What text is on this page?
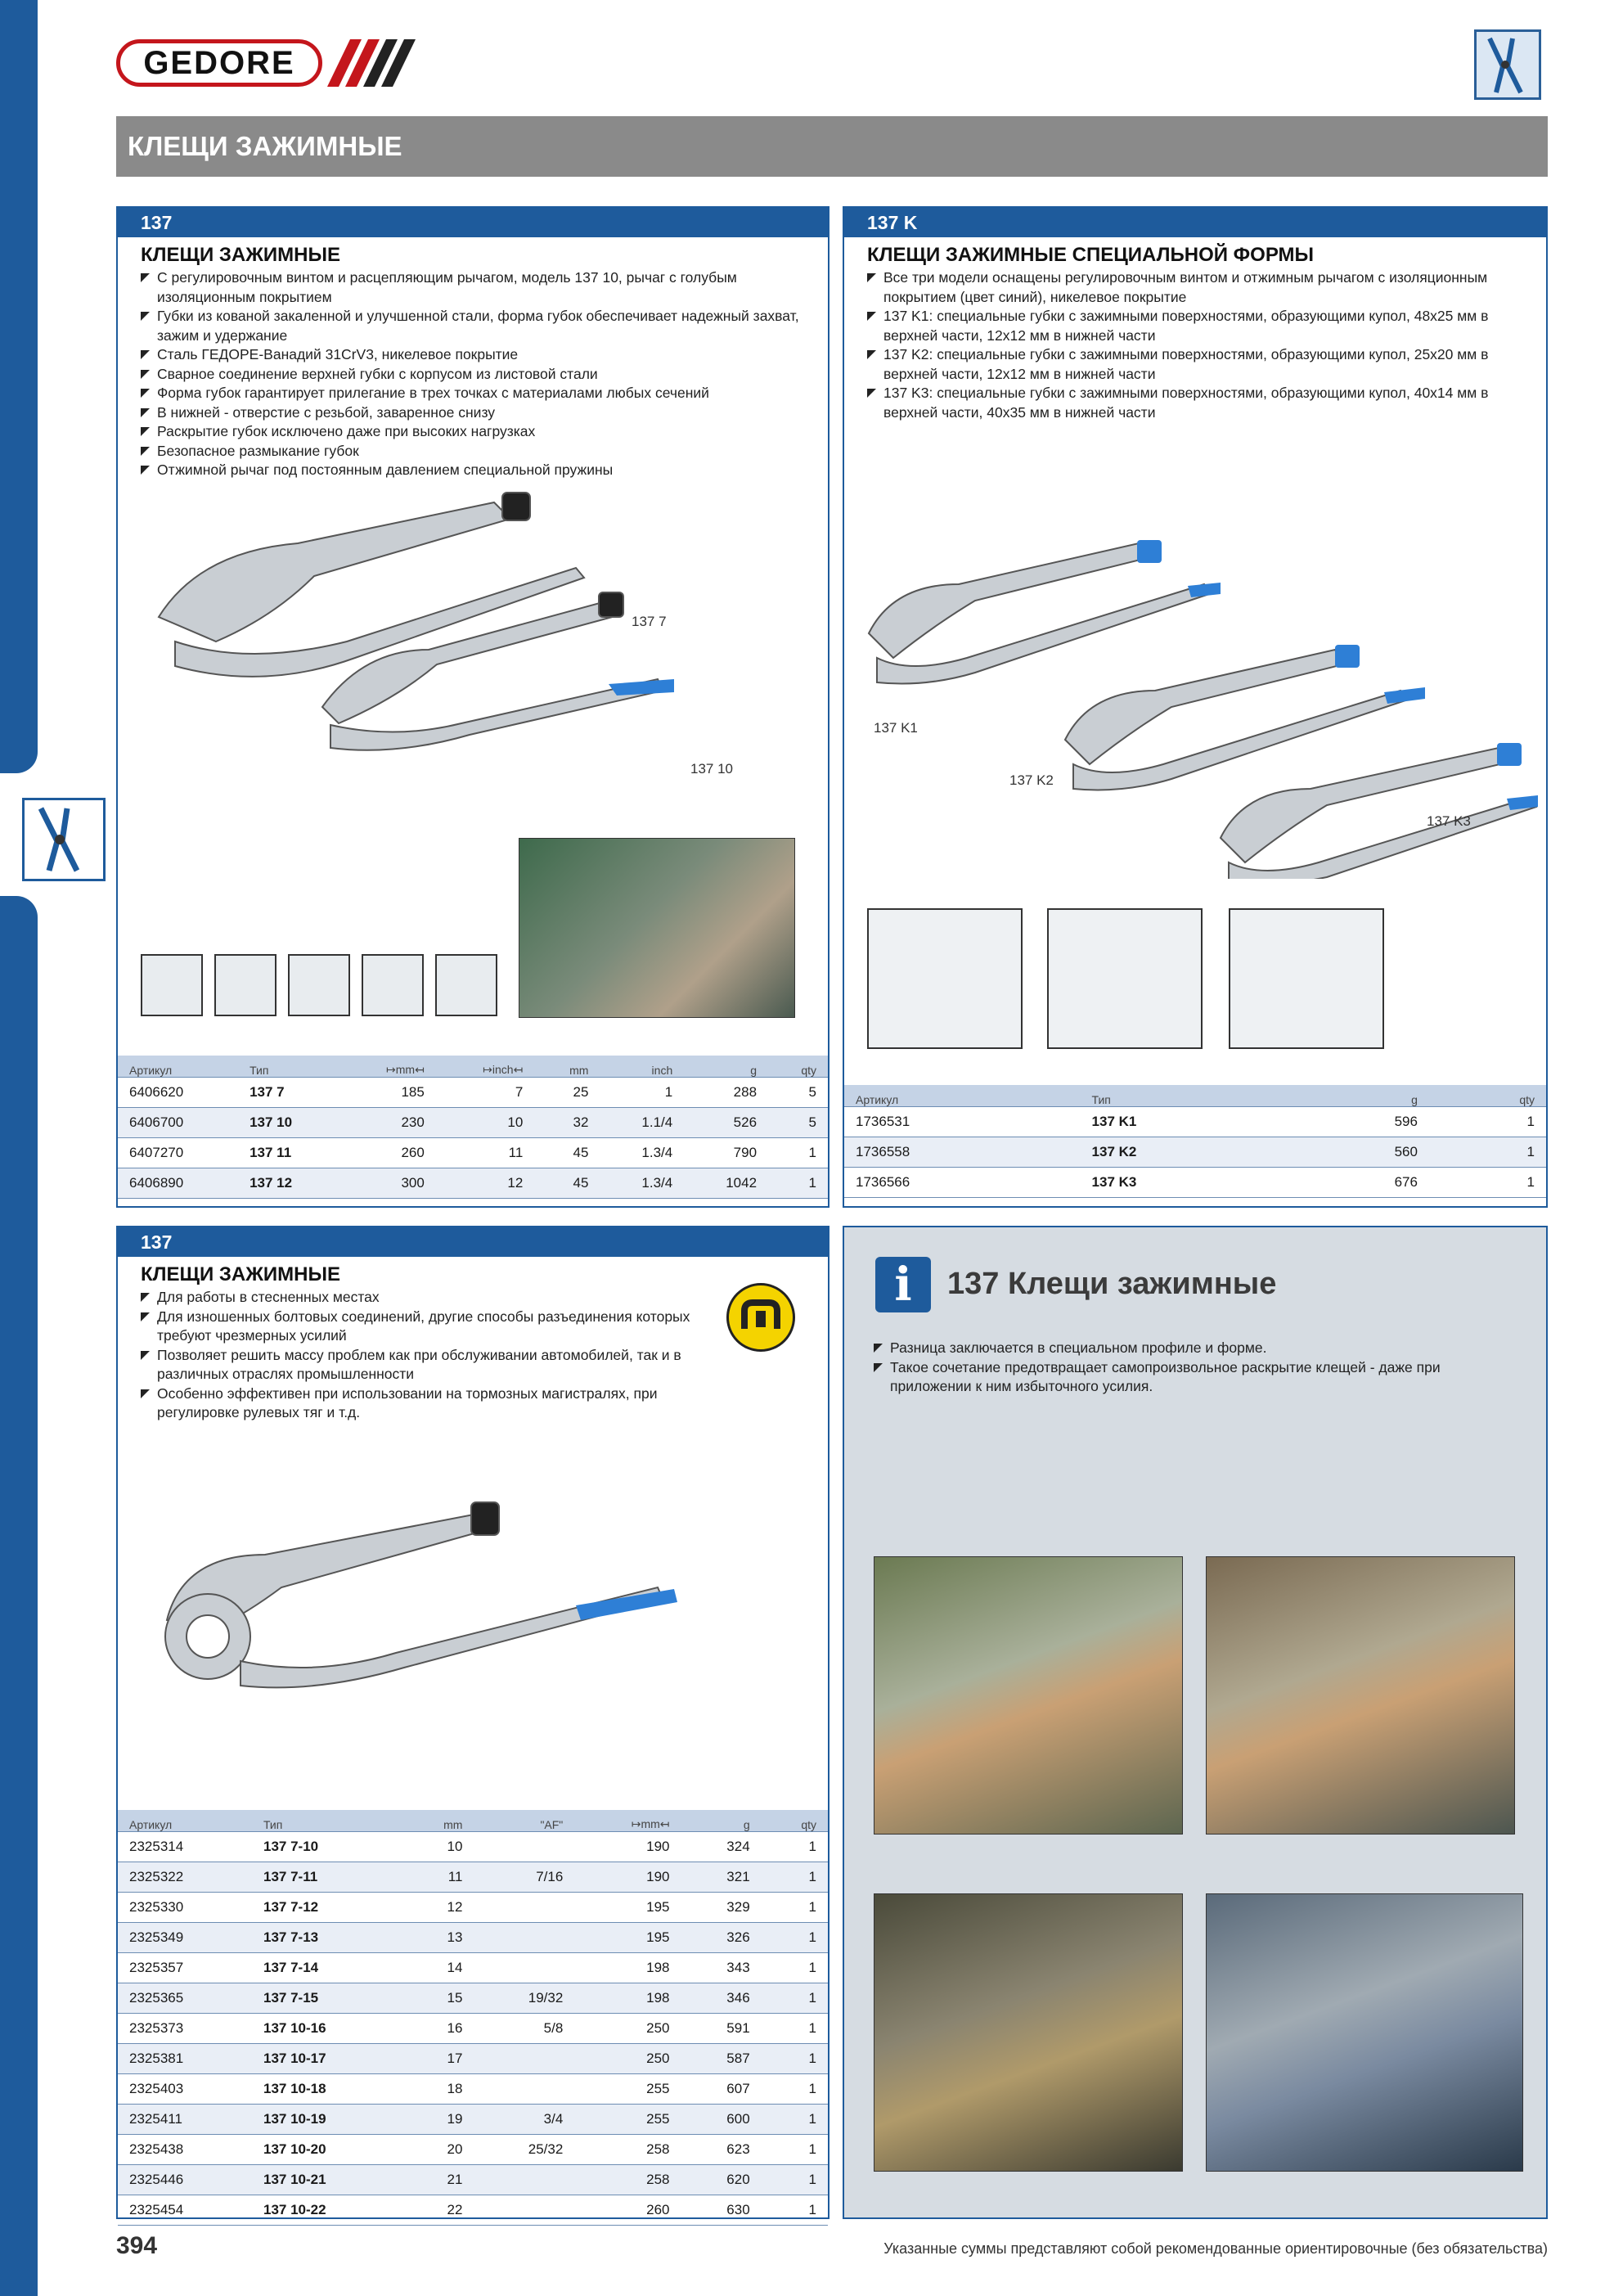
GEDORE
КЛЕЩИ ЗАЖИМНЫЕ
137
КЛЕЩИ ЗАЖИМНЫЕ
С регулировочным винтом и расцепляющим рычагом, модель 137 10, рычаг с голубым изоляционным покрытием
Губки из кованой закаленной и улучшенной стали, форма губок обеспечивает надежный захват, зажим и удержание
Сталь ГЕДОРЕ-Ванадий 31CrV3, никелевое покрытие
Сварное соединение верхней губки с корпусом из листовой стали
Форма губок гарантирует прилегание в трех точках с материалами любых сечений
В нижней - отверстие с резьбой, заваренное снизу
Раскрытие губок исключено даже при высоких нагрузках
Безопасное размыкание губок
Отжимной рычаг под постоянным давлением специальной пружины
137 7
137 10
Артикул	Тип	↦mm↤	↦inch↤	mm	inch	g	qty
6406620	137 7	185	7	25	1	288	5
6406700	137 10	230	10	32	1.1/4	526	5
6407270	137 11	260	11	45	1.3/4	790	1
6406890	137 12	300	12	45	1.3/4	1042	1
137 K
КЛЕЩИ ЗАЖИМНЫЕ СПЕЦИАЛЬНОЙ ФОРМЫ
Все три модели оснащены регулировочным винтом и отжимным рычагом с изоляционным покрытием (цвет синий), никелевое покрытие
137 K1: специальные губки с зажимными поверхностями, образующими купол, 48x25 мм в верхней части, 12x12 мм в нижней части
137 K2: специальные губки с зажимными поверхностями, образующими купол, 25x20 мм в верхней части, 12x12 мм в нижней части
137 K3: специальные губки с зажимными поверхностями, образующими купол, 40x14 мм в верхней части, 40x35 мм в нижней части
137 K1
137 K2
137 K3
Артикул	Тип	g	qty
1736531	137 K1	596	1
1736558	137 K2	560	1
1736566	137 K3	676	1
137
КЛЕЩИ ЗАЖИМНЫЕ
Для работы в стесненных местах
Для изношенных болтовых соединений, другие способы разъединения которых требуют чрезмерных усилий
Позволяет решить массу проблем как при обслуживании автомобилей, так и в различных отраслях промышленности
Особенно эффективен при использовании на тормозных магистралях, при регулировке рулевых тяг и т.д.
Артикул	Тип	mm	"AF"	↦mm↤	g	qty
2325314	137 7-10	10		190	324	1
2325322	137 7-11	11	7/16	190	321	1
2325330	137 7-12	12		195	329	1
2325349	137 7-13	13		195	326	1
2325357	137 7-14	14		198	343	1
2325365	137 7-15	15	19/32	198	346	1
2325373	137 10-16	16	5/8	250	591	1
2325381	137 10-17	17		250	587	1
2325403	137 10-18	18		255	607	1
2325411	137 10-19	19	3/4	255	600	1
2325438	137 10-20	20	25/32	258	623	1
2325446	137 10-21	21		258	620	1
2325454	137 10-22	22		260	630	1
i	137 Клещи зажимные
Разница заключается в специальном профиле и форме.
Такое сочетание предотвращает самопроизвольное раскрытие клещей - даже при приложении к ним избыточного усилия.
394	Указанные суммы представляют собой рекомендованные ориентировочные (без обязательства)
